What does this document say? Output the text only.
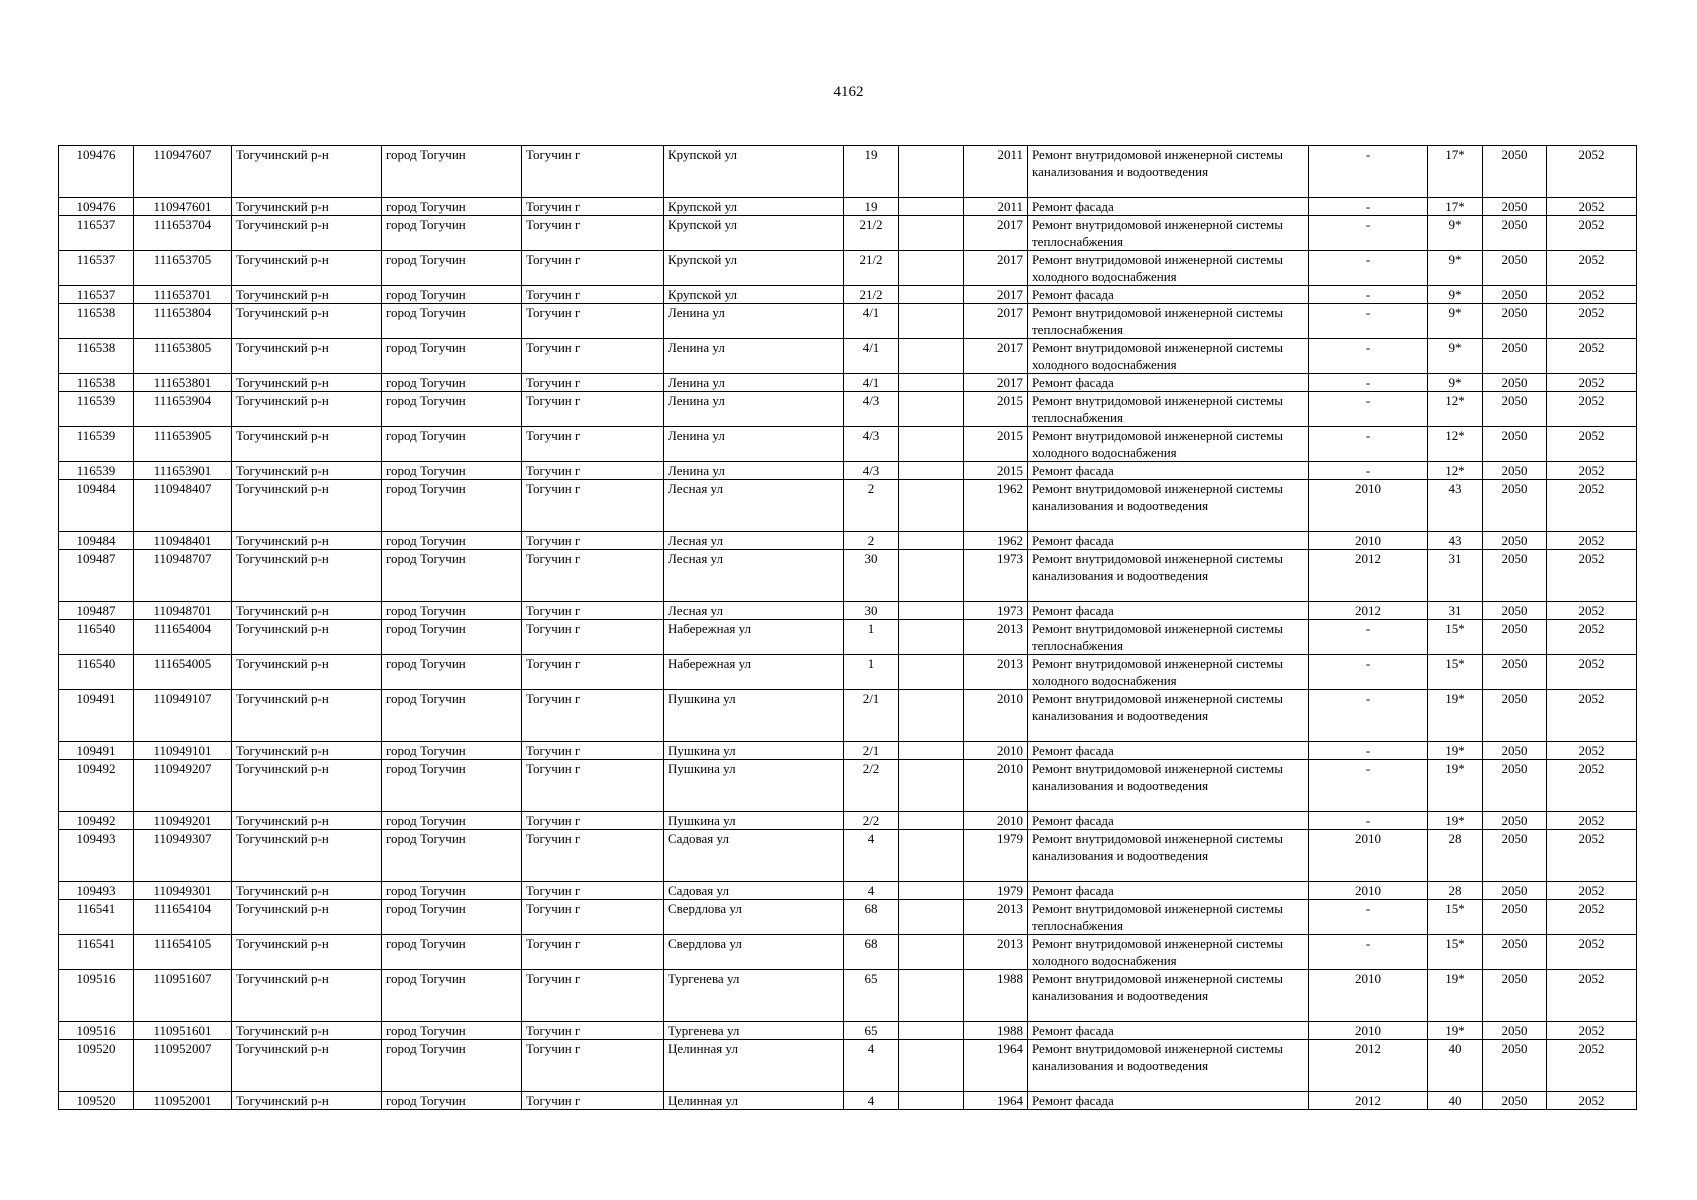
4162
109476	110947607	Тогучинский р-н	город Тогучин	Тогучин г	Крупской ул	19		2011	Ремонт внутридомовой инженерной системы канализования и водоотведения	-	17*	2050	2052
109476	110947601	Тогучинский р-н	город Тогучин	Тогучин г	Крупской ул	19		2011	Ремонт фасада	-	17*	2050	2052
116537	111653704	Тогучинский р-н	город Тогучин	Тогучин г	Крупской ул	21/2		2017	Ремонт внутридомовой инженерной системы теплоснабжения	-	9*	2050	2052
116537	111653705	Тогучинский р-н	город Тогучин	Тогучин г	Крупской ул	21/2		2017	Ремонт внутридомовой инженерной системы холодного водоснабжения	-	9*	2050	2052
116537	111653701	Тогучинский р-н	город Тогучин	Тогучин г	Крупской ул	21/2		2017	Ремонт фасада	-	9*	2050	2052
116538	111653804	Тогучинский р-н	город Тогучин	Тогучин г	Ленина ул	4/1		2017	Ремонт внутридомовой инженерной системы теплоснабжения	-	9*	2050	2052
116538	111653805	Тогучинский р-н	город Тогучин	Тогучин г	Ленина ул	4/1		2017	Ремонт внутридомовой инженерной системы холодного водоснабжения	-	9*	2050	2052
116538	111653801	Тогучинский р-н	город Тогучин	Тогучин г	Ленина ул	4/1		2017	Ремонт фасада	-	9*	2050	2052
116539	111653904	Тогучинский р-н	город Тогучин	Тогучин г	Ленина ул	4/3		2015	Ремонт внутридомовой инженерной системы теплоснабжения	-	12*	2050	2052
116539	111653905	Тогучинский р-н	город Тогучин	Тогучин г	Ленина ул	4/3		2015	Ремонт внутридомовой инженерной системы холодного водоснабжения	-	12*	2050	2052
116539	111653901	Тогучинский р-н	город Тогучин	Тогучин г	Ленина ул	4/3		2015	Ремонт фасада	-	12*	2050	2052
109484	110948407	Тогучинский р-н	город Тогучин	Тогучин г	Лесная ул	2		1962	Ремонт внутридомовой инженерной системы канализования и водоотведения	2010	43	2050	2052
109484	110948401	Тогучинский р-н	город Тогучин	Тогучин г	Лесная ул	2		1962	Ремонт фасада	2010	43	2050	2052
109487	110948707	Тогучинский р-н	город Тогучин	Тогучин г	Лесная ул	30		1973	Ремонт внутридомовой инженерной системы канализования и водоотведения	2012	31	2050	2052
109487	110948701	Тогучинский р-н	город Тогучин	Тогучин г	Лесная ул	30		1973	Ремонт фасада	2012	31	2050	2052
116540	111654004	Тогучинский р-н	город Тогучин	Тогучин г	Набережная ул	1		2013	Ремонт внутридомовой инженерной системы теплоснабжения	-	15*	2050	2052
116540	111654005	Тогучинский р-н	город Тогучин	Тогучин г	Набережная ул	1		2013	Ремонт внутридомовой инженерной системы холодного водоснабжения	-	15*	2050	2052
109491	110949107	Тогучинский р-н	город Тогучин	Тогучин г	Пушкина ул	2/1		2010	Ремонт внутридомовой инженерной системы канализования и водоотведения	-	19*	2050	2052
109491	110949101	Тогучинский р-н	город Тогучин	Тогучин г	Пушкина ул	2/1		2010	Ремонт фасада	-	19*	2050	2052
109492	110949207	Тогучинский р-н	город Тогучин	Тогучин г	Пушкина ул	2/2		2010	Ремонт внутридомовой инженерной системы канализования и водоотведения	-	19*	2050	2052
109492	110949201	Тогучинский р-н	город Тогучин	Тогучин г	Пушкина ул	2/2		2010	Ремонт фасада	-	19*	2050	2052
109493	110949307	Тогучинский р-н	город Тогучин	Тогучин г	Садовая ул	4		1979	Ремонт внутридомовой инженерной системы канализования и водоотведения	2010	28	2050	2052
109493	110949301	Тогучинский р-н	город Тогучин	Тогучин г	Садовая ул	4		1979	Ремонт фасада	2010	28	2050	2052
116541	111654104	Тогучинский р-н	город Тогучин	Тогучин г	Свердлова ул	68		2013	Ремонт внутридомовой инженерной системы теплоснабжения	-	15*	2050	2052
116541	111654105	Тогучинский р-н	город Тогучин	Тогучин г	Свердлова ул	68		2013	Ремонт внутридомовой инженерной системы холодного водоснабжения	-	15*	2050	2052
109516	110951607	Тогучинский р-н	город Тогучин	Тогучин г	Тургенева ул	65		1988	Ремонт внутридомовой инженерной системы канализования и водоотведения	2010	19*	2050	2052
109516	110951601	Тогучинский р-н	город Тогучин	Тогучин г	Тургенева ул	65		1988	Ремонт фасада	2010	19*	2050	2052
109520	110952007	Тогучинский р-н	город Тогучин	Тогучин г	Целинная ул	4		1964	Ремонт внутридомовой инженерной системы канализования и водоотведения	2012	40	2050	2052
109520	110952001	Тогучинский р-н	город Тогучин	Тогучин г	Целинная ул	4		1964	Ремонт фасада	2012	40	2050	2052
